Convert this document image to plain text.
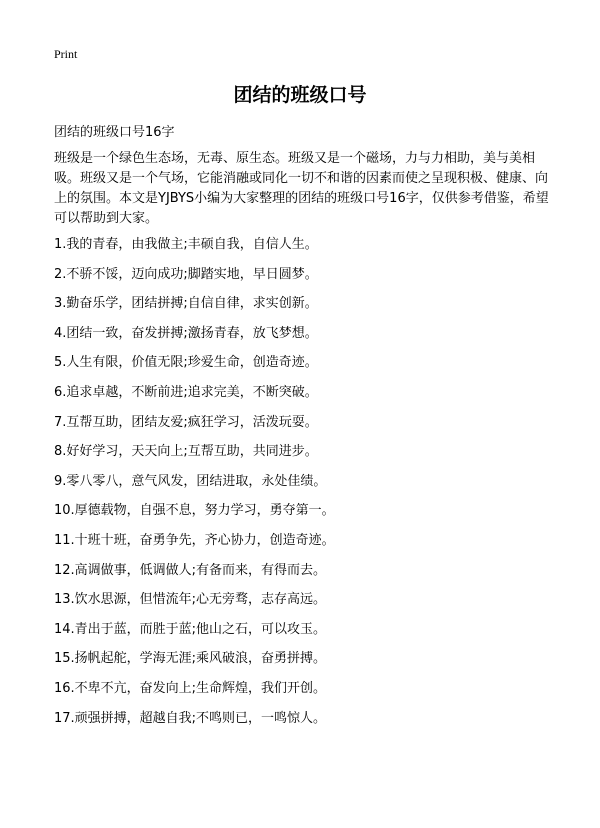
Print
团结的班级口号

团结的班级口号16字

班级是一个绿色生态场，无毒、原生态。班级又是一个磁场，力与力相助，美与美相吸。班级又是一个气场，它能消融或同化一切不和谐的因素而使之呈现积极、健康、向上的氛围。本文是YJBYS小编为大家整理的团结的班级口号16字，仅供参考借鉴，希望可以帮助到大家。

1.我的青春，由我做主;丰硕自我，自信人生。
2.不骄不馁，迈向成功;脚踏实地，早日圆梦。
3.勤奋乐学，团结拼搏;自信自律，求实创新。
4.团结一致，奋发拼搏;激扬青春，放飞梦想。
5.人生有限，价值无限;珍爱生命，创造奇迹。
6.追求卓越，不断前进;追求完美，不断突破。
7.互帮互助，团结友爱;疯狂学习，活泼玩耍。
8.好好学习，天天向上;互帮互助，共同进步。
9.零八零八，意气风发，团结进取，永处佳绩。
10.厚德载物，自强不息，努力学习，勇夺第一。
11.十班十班，奋勇争先，齐心协力，创造奇迹。
12.高调做事，低调做人;有备而来，有得而去。
13.饮水思源，但惜流年;心无旁骛，志存高远。
14.青出于蓝，而胜于蓝;他山之石，可以攻玉。
15.扬帆起舵，学海无涯;乘风破浪，奋勇拼搏。
16.不卑不亢，奋发向上;生命辉煌，我们开创。
17.顽强拼搏，超越自我;不鸣则已，一鸣惊人。
